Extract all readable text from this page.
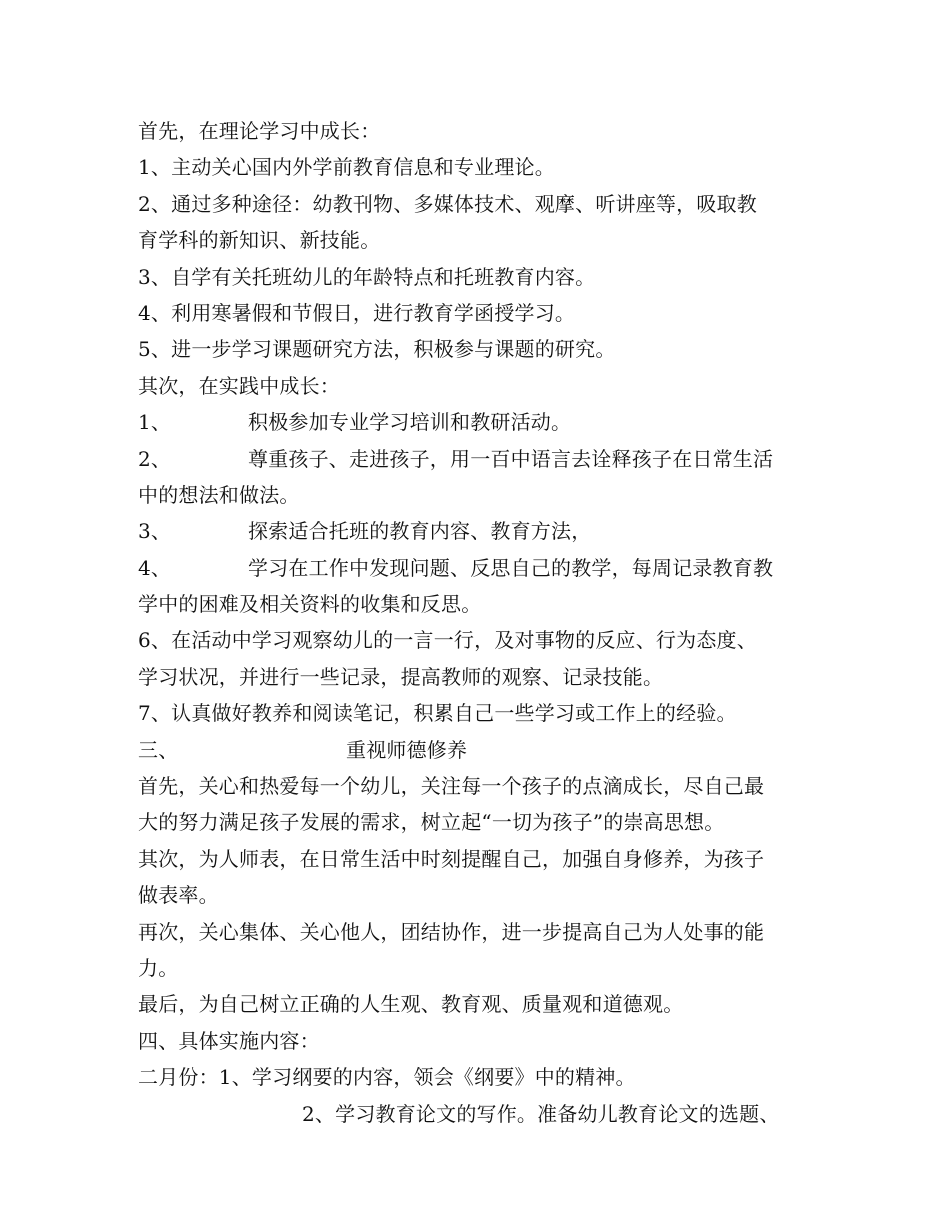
首先，在理论学习中成长：
1、主动关心国内外学前教育信息和专业理论。
2、通过多种途径：幼教刊物、多媒体技术、观摩、听讲座等，吸取教
育学科的新知识、新技能。
3、自学有关托班幼儿的年龄特点和托班教育内容。
4、利用寒暑假和节假日，进行教育学函授学习。
5、进一步学习课题研究方法，积极参与课题的研究。
其次，在实践中成长：
1、	积极参加专业学习培训和教研活动。
2、	尊重孩子、走进孩子，用一百中语言去诠释孩子在日常生活
中的想法和做法。
3、	探索适合托班的教育内容、教育方法，
4、	学习在工作中发现问题、反思自己的教学，每周记录教育教
学中的困难及相关资料的收集和反思。
6、在活动中学习观察幼儿的一言一行，及对事物的反应、行为态度、
学习状况，并进行一些记录，提高教师的观察、记录技能。
7、认真做好教养和阅读笔记，积累自己一些学习或工作上的经验。
三、	重视师德修养
首先，关心和热爱每一个幼儿，关注每一个孩子的点滴成长，尽自己最
大的努力满足孩子发展的需求，树立起“一切为孩子”的崇高思想。
其次，为人师表，在日常生活中时刻提醒自己，加强自身修养，为孩子
做表率。
再次，关心集体、关心他人，团结协作，进一步提高自己为人处事的能
力。
最后，为自己树立正确的人生观、教育观、质量观和道德观。
四、具体实施内容：
二月份：1、学习纲要的内容，领会《纲要》中的精神。
2、学习教育论文的写作。准备幼儿教育论文的选题、
